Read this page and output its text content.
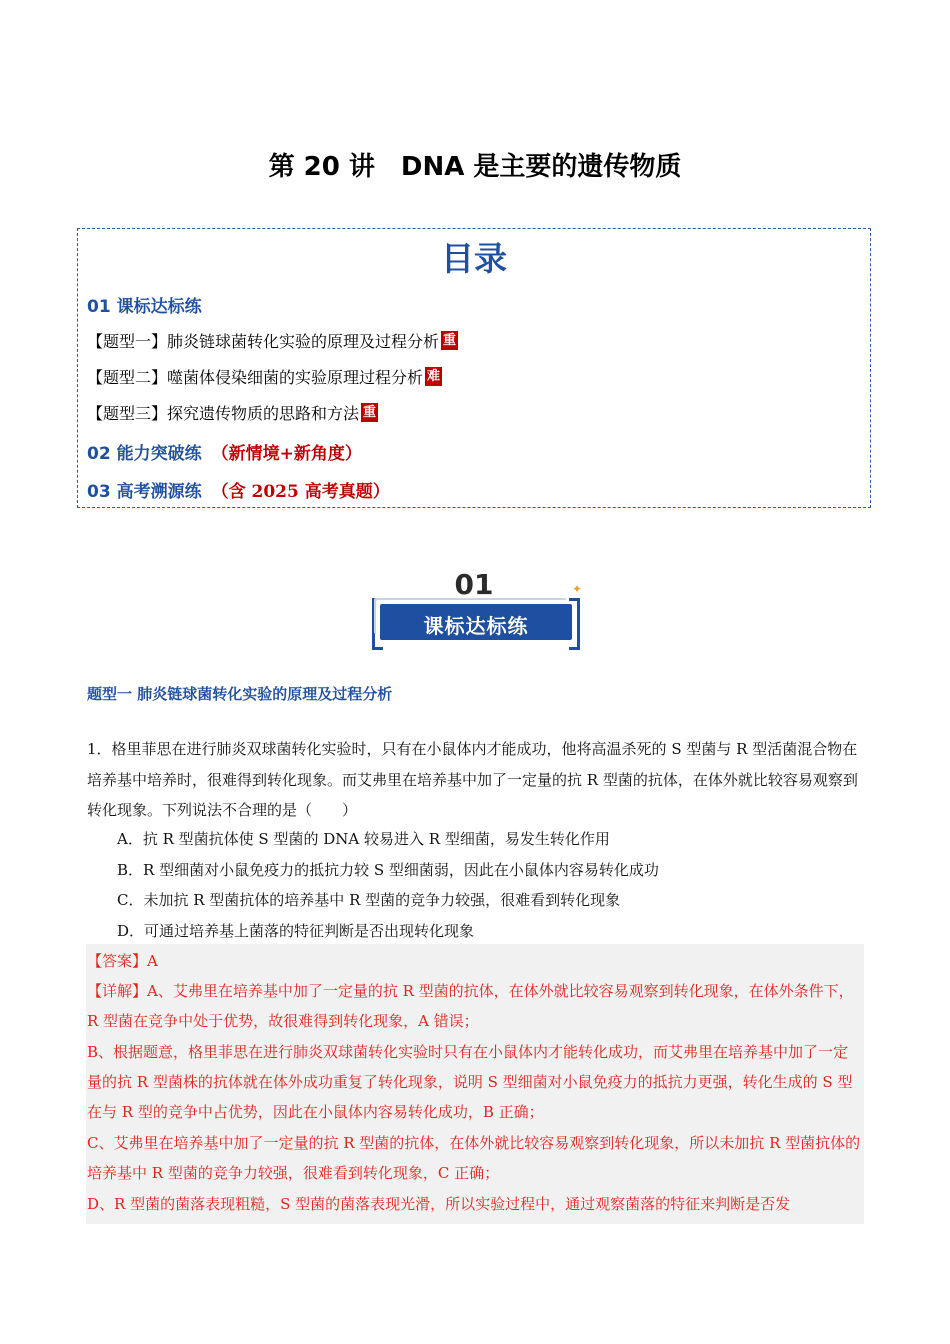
第 20 讲　DNA 是主要的遗传物质
目录
01 课标达标练
【题型一】肺炎链球菌转化实验的原理及过程分析 重
【题型二】噬菌体侵染细菌的实验原理过程分析 难
【题型三】探究遗传物质的思路和方法 重
02 能力突破练 （新情境+新角度）
03 高考溯源练 （含 2025 高考真题）
01
课标达标练
✦
题型一 肺炎链球菌转化实验的原理及过程分析
1．格里菲思在进行肺炎双球菌转化实验时，只有在小鼠体内才能成功，他将高温杀死的 S 型菌与 R 型活菌混合物在培养基中培养时，很难得到转化现象。而艾弗里在培养基中加了一定量的抗 R 型菌的抗体，在体外就比较容易观察到转化现象。下列说法不合理的是（　　）
A．抗 R 型菌抗体使 S 型菌的 DNA 较易进入 R 型细菌，易发生转化作用
B．R 型细菌对小鼠免疫力的抵抗力较 S 型细菌弱，因此在小鼠体内容易转化成功
C．未加抗 R 型菌抗体的培养基中 R 型菌的竞争力较强，很难看到转化现象
D．可通过培养基上菌落的特征判断是否出现转化现象
【答案】A
【详解】A、艾弗里在培养基中加了一定量的抗 R 型菌的抗体，在体外就比较容易观察到转化现象，在体外条件下，R 型菌在竞争中处于优势，故很难得到转化现象，A 错误；
B、根据题意，格里菲思在进行肺炎双球菌转化实验时只有在小鼠体内才能转化成功，而艾弗里在培养基中加了一定量的抗 R 型菌株的抗体就在体外成功重复了转化现象，说明 S 型细菌对小鼠免疫力的抵抗力更强，转化生成的 S 型在与 R 型的竞争中占优势，因此在小鼠体内容易转化成功，B 正确；
C、艾弗里在培养基中加了一定量的抗 R 型菌的抗体，在体外就比较容易观察到转化现象，所以未加抗 R 型菌抗体的培养基中 R 型菌的竞争力较强，很难看到转化现象，C 正确；
D、R 型菌的菌落表现粗糙，S 型菌的菌落表现光滑，所以实验过程中，通过观察菌落的特征来判断是否发
